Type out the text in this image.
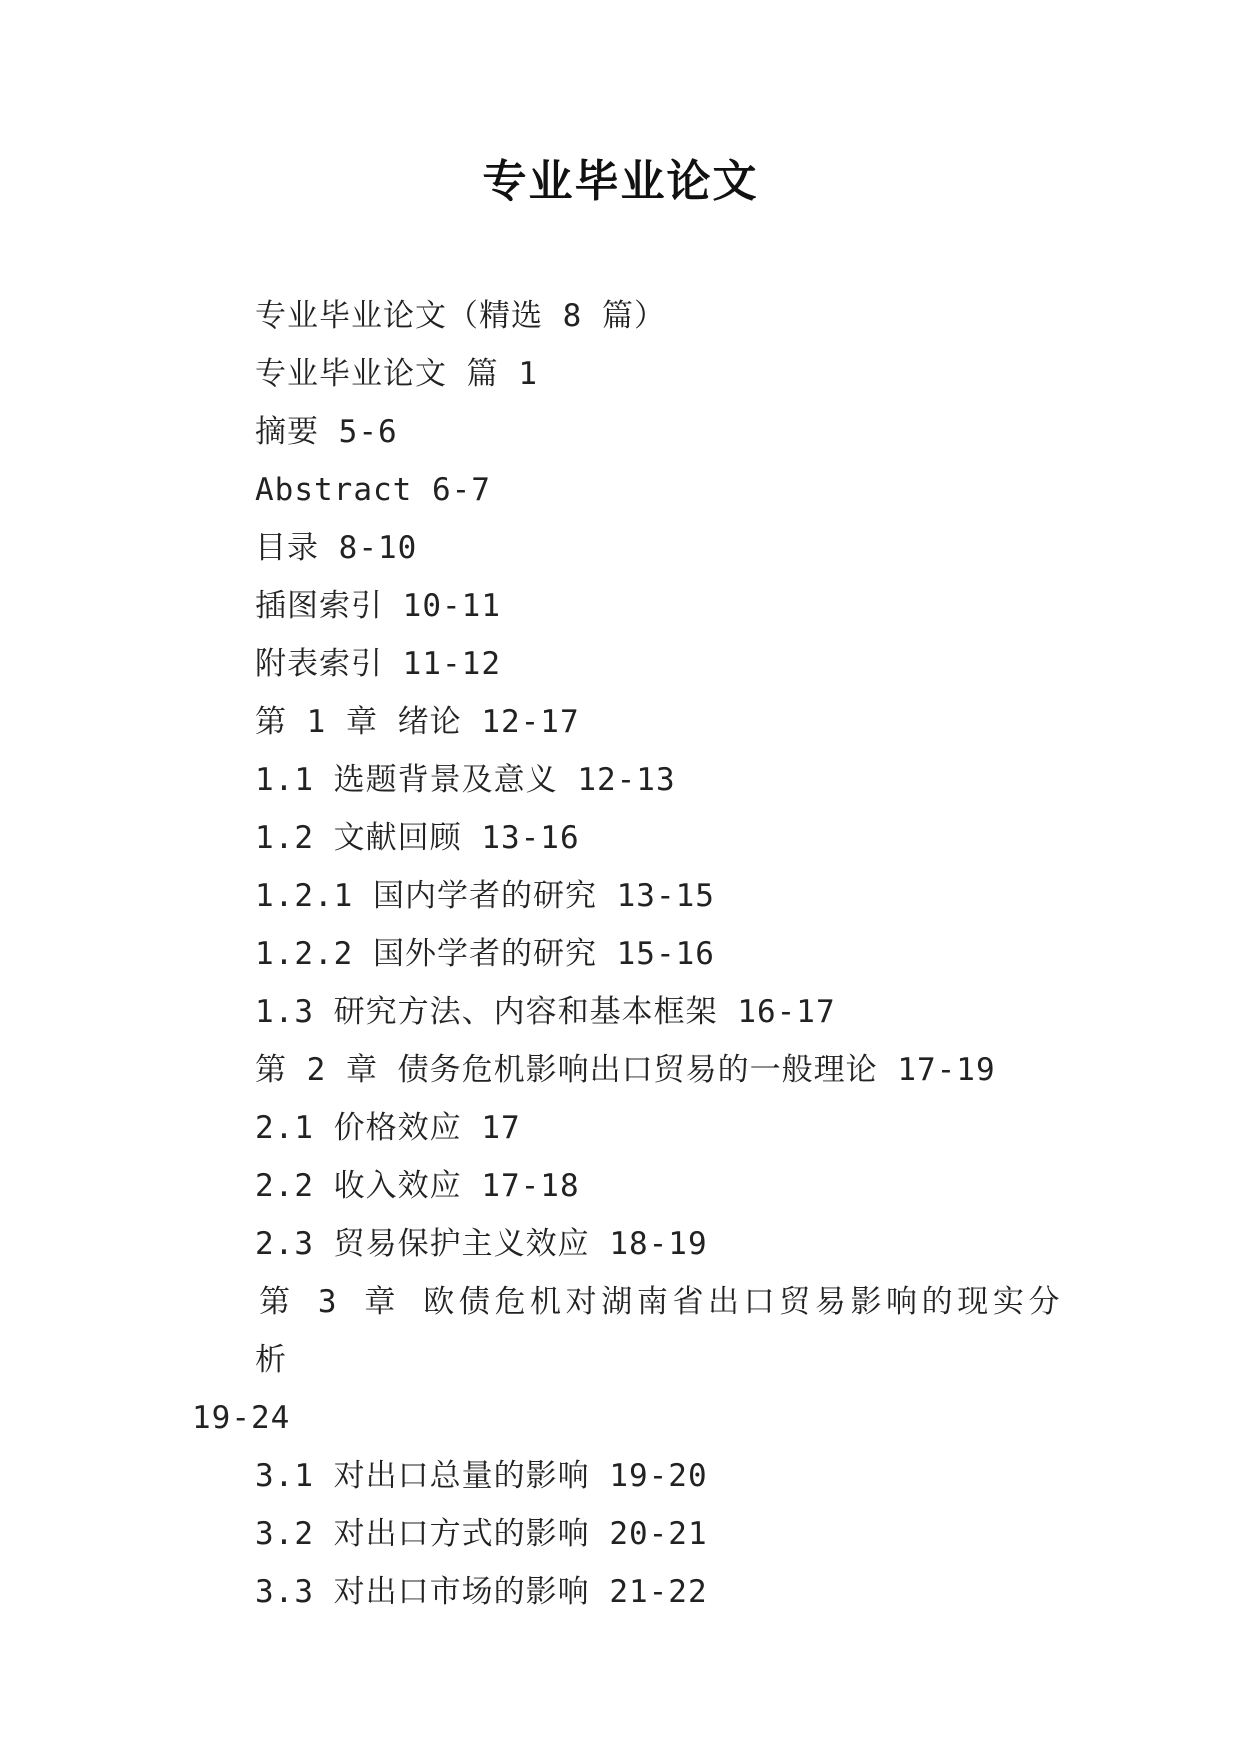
专业毕业论文
专业毕业论文（精选 8 篇）
专业毕业论文 篇 1
摘要 5-6
Abstract 6-7
目录 8-10
插图索引 10-11
附表索引 11-12
第 1 章 绪论 12-17
1.1 选题背景及意义 12-13
1.2 文献回顾 13-16
1.2.1 国内学者的研究 13-15
1.2.2 国外学者的研究 15-16
1.3 研究方法、内容和基本框架 16-17
第 2 章 债务危机影响出口贸易的一般理论 17-19
2.1 价格效应 17
2.2 收入效应 17-18
2.3 贸易保护主义效应 18-19
第 3 章 欧债危机对湖南省出口贸易影响的现实分析
19-24
3.1 对出口总量的影响 19-20
3.2 对出口方式的影响 20-21
3.3 对出口市场的影响 21-22
